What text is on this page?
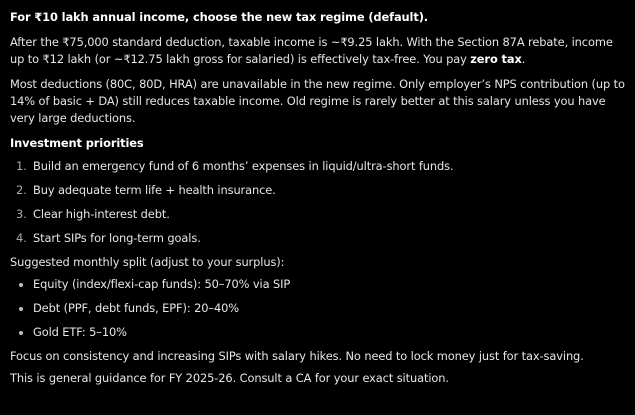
For ₹10 lakh annual income, choose the new tax regime (default).

After the ₹75,000 standard deduction, taxable income is ~₹9.25 lakh. With the Section 87A rebate, income up to ₹12 lakh (or ~₹12.75 lakh gross for salaried) is effectively tax-free. You pay zero tax.

Most deductions (80C, 80D, HRA) are unavailable in the new regime. Only employer’s NPS contribution (up to 14% of basic + DA) still reduces taxable income. Old regime is rarely better at this salary unless you have very large deductions.

Investment priorities

1. Build an emergency fund of 6 months’ expenses in liquid/ultra-short funds.
2. Buy adequate term life + health insurance.
3. Clear high-interest debt.
4. Start SIPs for long-term goals.

Suggested monthly split (adjust to your surplus):

Equity (index/flexi-cap funds): 50–70% via SIP
Debt (PPF, debt funds, EPF): 20–40%
Gold ETF: 5–10%

Focus on consistency and increasing SIPs with salary hikes. No need to lock money just for tax-saving.

This is general guidance for FY 2025-26. Consult a CA for your exact situation.
